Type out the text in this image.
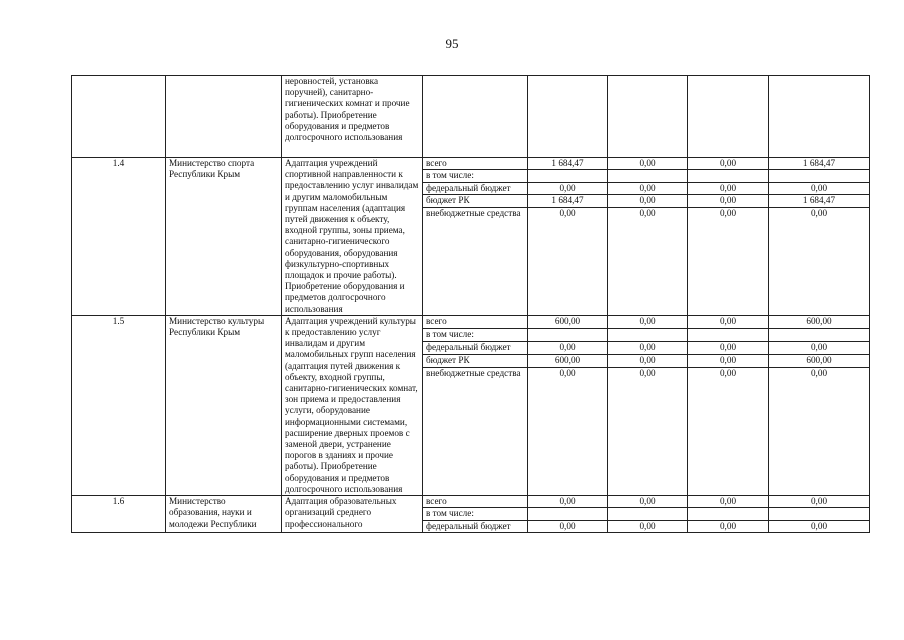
95
		неровностей, установка поручней), санитарно-гигиенических комнат и прочие работы). Приобретение оборудования и предметов долгосрочного использования					
1.4	Министерство спорта Республики Крым	Адаптация учреждений спортивной направленности к предоставлению услуг инвалидам и другим маломобильным группам населения (адаптация путей движения к объекту, входной группы, зоны приема, санитарно-гигиенического оборудования, оборудования физкультурно-спортивных площадок и прочие работы). Приобретение оборудования и предметов долгосрочного использования	всего	1 684,47	0,00	0,00	1 684,47
			в том числе:				
			федеральный бюджет	0,00	0,00	0,00	0,00
			бюджет РК	1 684,47	0,00	0,00	1 684,47
			внебюджетные средства	0,00	0,00	0,00	0,00
1.5	Министерство культуры Республики Крым	Адаптация учреждений культуры к предоставлению услуг инвалидам и другим маломобильных групп населения (адаптация путей движения к объекту, входной группы, санитарно-гигиенических комнат, зон приема и предоставления услуги, оборудование информационными системами, расширение дверных проемов с заменой двери, устранение порогов в зданиях и прочие работы). Приобретение оборудования и предметов долгосрочного использования	всего	600,00	0,00	0,00	600,00
			в том числе:				
			федеральный бюджет	0,00	0,00	0,00	0,00
			бюджет РК	600,00	0,00	0,00	600,00
			внебюджетные средства	0,00	0,00	0,00	0,00
1.6	Министерство образования, науки и молодежи Республики	Адаптация образовательных организаций среднего профессионального	всего	0,00	0,00	0,00	0,00
			в том числе:				
			федеральный бюджет	0,00	0,00	0,00	0,00
